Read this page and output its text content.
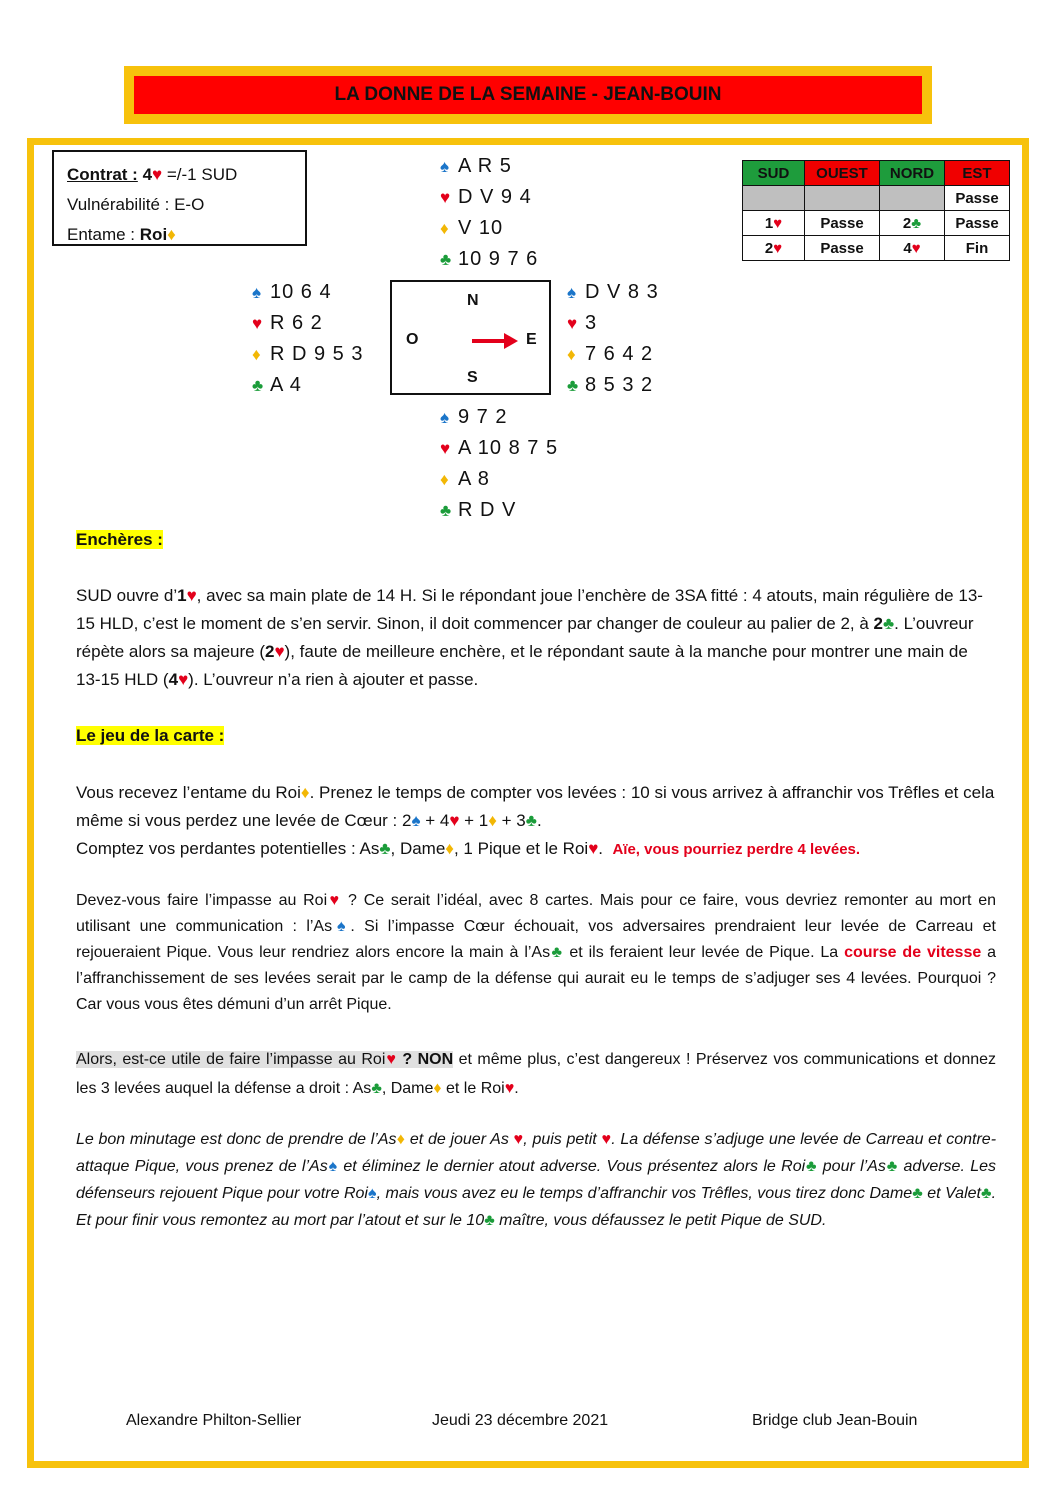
LA DONNE DE LA SEMAINE - JEAN-BOUIN
Contrat : 4♥ =/-1 SUD
Vulnérabilité : E-O
Entame : Roi♦
♠ A R 5
♥ D V 9 4
♦ V 10
♣ 10 9 7 6
♠ 10 6 4
♥ R 6 2
♦ R D 9 5 3
♣ A 4
♠ D V 8 3
♥ 3
♦ 7 6 4 2
♣ 8 5 3 2
♠ 9 7 2
♥ A 10 8 7 5
♦ A 8
♣ R D V
N
S
O	E
SUD	OUEST	NORD	EST
			Passe
1♥	Passe	2♣	Passe
2♥	Passe	4♥	Fin
Enchères :
SUD ouvre d’1♥, avec sa main plate de 14 H. Si le répondant joue l’enchère de 3SA fitté : 4 atouts, main régulière de 13-15 HLD, c’est le moment de s’en servir. Sinon, il doit commencer par changer de couleur au palier de 2, à 2♣. L’ouvreur répète alors sa majeure (2♥), faute de meilleure enchère, et le répondant saute à la manche pour montrer une main de 13-15 HLD (4♥). L’ouvreur n’a rien à ajouter et passe.
Le jeu de la carte :
Vous recevez l’entame du Roi♦. Prenez le temps de compter vos levées : 10 si vous arrivez à affranchir vos Trêfles et cela même si vous perdez une levée de Cœur : 2♠ + 4♥ + 1♦ + 3♣.
Comptez vos perdantes potentielles : As♣, Dame♦, 1 Pique et le Roi♥. Aïe, vous pourriez perdre 4 levées.
Devez-vous faire l’impasse au Roi♥ ? Ce serait l’idéal, avec 8 cartes. Mais pour ce faire, vous devriez remonter au mort en utilisant une communication : l’As♠. Si l’impasse Cœur échouait, vos adversaires prendraient leur levée de Carreau et rejoueraient Pique. Vous leur rendriez alors encore la main à l’As♣ et ils feraient leur levée de Pique. La course de vitesse a l’affranchissement de ses levées serait par le camp de la défense qui aurait eu le temps de s’adjuger ses 4 levées. Pourquoi ? Car vous vous êtes démuni d’un arrêt Pique.
Alors, est-ce utile de faire l’impasse au Roi♥ ? NON et même plus, c’est dangereux ! Préservez vos communications et donnez les 3 levées auquel la défense a droit : As♣, Dame♦ et le Roi♥.
Le bon minutage est donc de prendre de l’As♦ et de jouer As ♥, puis petit ♥. La défense s’adjuge une levée de Carreau et contre-attaque Pique, vous prenez de l’As♠ et éliminez le dernier atout adverse. Vous présentez alors le Roi♣ pour l’As♣ adverse. Les défenseurs rejouent Pique pour votre Roi♠, mais vous avez eu le temps d’affranchir vos Trêfles, vous tirez donc Dame♣ et Valet♣. Et pour finir vous remontez au mort par l’atout et sur le 10♣ maître, vous défaussez le petit Pique de SUD.
Alexandre Philton-Sellier	Jeudi 23 décembre 2021	Bridge club Jean-Bouin
